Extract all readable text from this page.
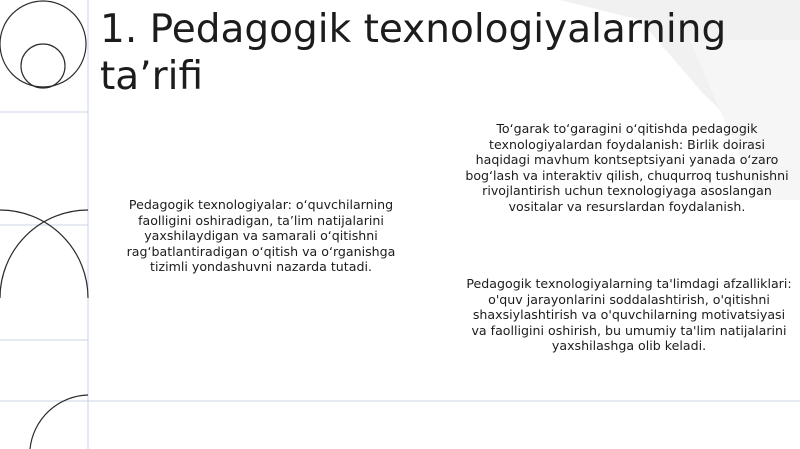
1. Pedagogik texnologiyalarning ta’rifi

Pedagogik texnologiyalar: o‘quvchilarning faolligini oshiradigan, ta’lim natijalarini yaxshilaydigan va samarali o‘qitishni rag‘batlantiradigan o‘qitish va o‘rganishga tizimli yondashuvni nazarda tutadi.

To‘garak to‘garagini o‘qitishda pedagogik texnologiyalardan foydalanish: Birlik doirasi haqidagi mavhum kontseptsiyani yanada o‘zaro bog‘lash va interaktiv qilish, chuqurroq tushunishni rivojlantirish uchun texnologiyaga asoslangan vositalar va resurslardan foydalanish.

Pedagogik texnologiyalarning ta'limdagi afzalliklari: o'quv jarayonlarini soddalashtirish, o'qitishni shaxsiylashtirish va o'quvchilarning motivatsiyasi va faolligini oshirish, bu umumiy ta'lim natijalarini yaxshilashga olib keladi.
